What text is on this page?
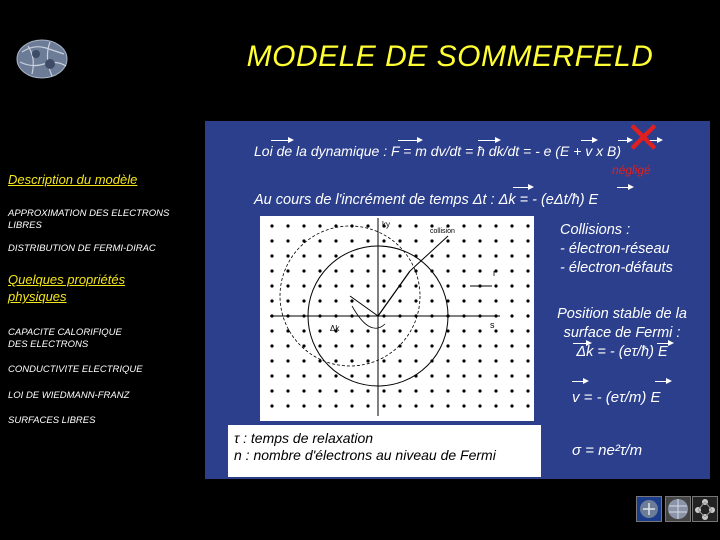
MODELE DE SOMMERFELD
Description du modèle
APPROXIMATION DES ELECTRONS LIBRES
DISTRIBUTION DE FERMI-DIRAC
Quelques propriétés physiques
CAPACITE CALORIFIQUE DES ELECTRONS
CONDUCTIVITE ELECTRIQUE
LOI DE WIEDMANN-FRANZ
SURFACES LIBRES
Loi de la dynamique : F = m dv/dt = ħ dk/dt = - e (E + v x B) ✕
négligé
Au cours de l'incrément de temps Δt : Δk = - (eΔt/ħ) E
ky
collision
r
s
Δk
Collisions :
- électron-réseau
- électron-défauts
Position stable de la
surface de Fermi :
Δk = - (eτ/ħ) E
v = - (eτ/m) E
τ : temps de relaxation
n : nombre d'électrons au niveau de Fermi	σ = ne²τ/m
